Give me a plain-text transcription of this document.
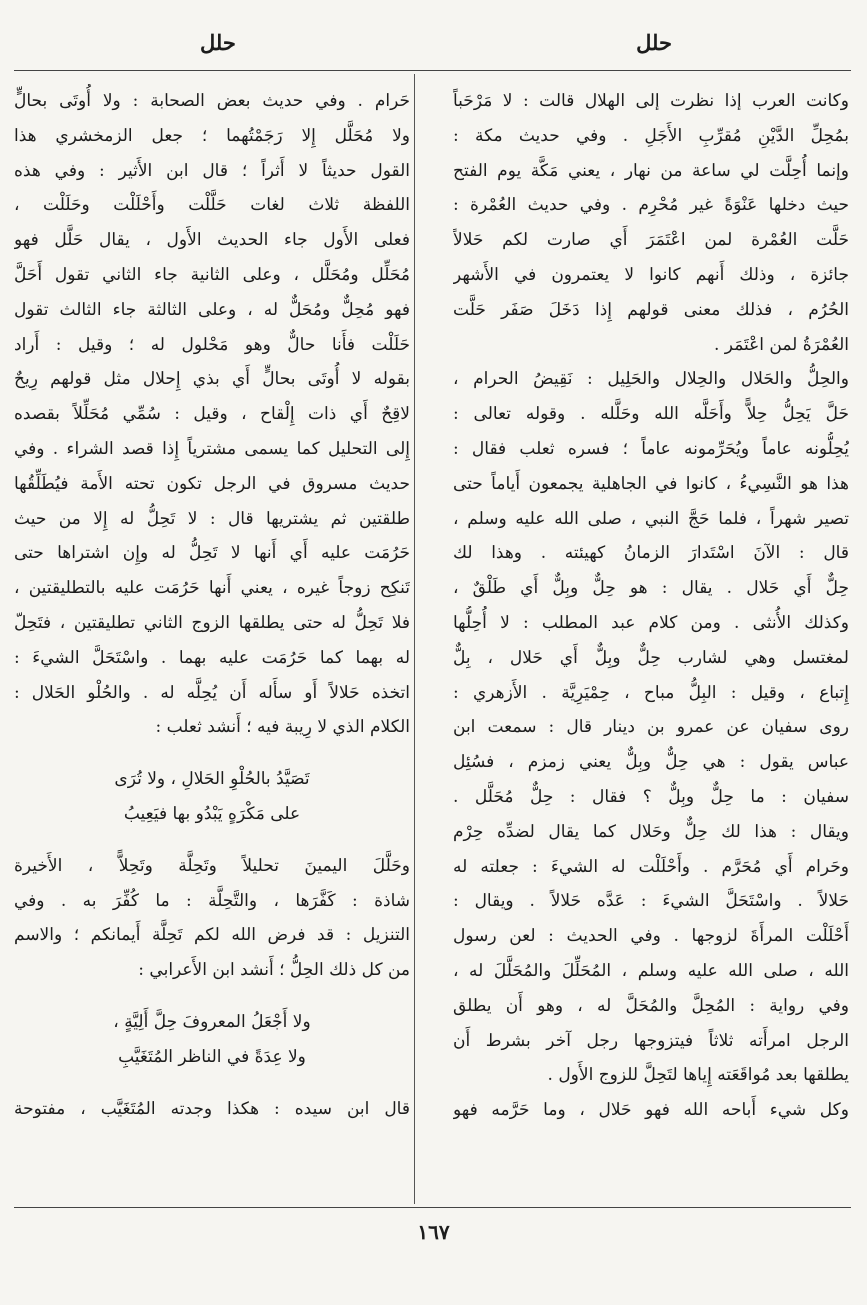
حلل
حلل
وكانت العرب إذا نظرت إلى الهلال قالت : لا مَرْحَباً
بمُحِلِّ الدَّيْنِ مُقرِّبِ الأَجَلِ . وفي حديث مكة :
وإنما أُحِلَّت لي ساعة من نهار ، يعني مَكَّة يوم الفتح
حيث دخلها عَنْوَةً غير مُحْرِم . وفي حديث العُمْرة :
حَلَّت العُمْرة لمن اعْتَمَرَ أَي صارت لكم حَلالاً
جائزة ، وذلك أَنهم كانوا لا يعتمرون في الأَشهر
الحُرُم ، فذلك معنى قولهم إِذا دَخَلَ صَفَر حَلَّت
العُمْرَةُ لمن اعْتَمَر .
والحِلُّ والحَلال والحِلال والحَلِيل : نَقِيضُ الحرام ،
حَلَّ يَحِلُّ حِلاًّ وأَحَلَّه الله وحَلَّله . وقوله تعالى :
يُحِلُّونه عاماً ويُحَرِّمونه عاماً ؛ فسره ثعلب فقال :
هذا هو النَّسِيءُ ، كانوا في الجاهلية يجمعون أَياماً حتى
تصير شهراً ، فلما حَجَّ النبي ، صلى الله عليه وسلم ،
قال : الآنَ اسْتَدارَ الزمانُ كهيئته . وهذا لك
حِلٌّ أَي حَلال . يقال : هو حِلٌّ وبِلٌّ أَي طَلْقٌ ،
وكذلك الأُنثى . ومن كلام عبد المطلب : لا أُحِلُّها
لمغتسل وهي لشارب حِلٌّ وبِلٌّ أَي حَلال ، بِلٌّ
إِتباع ، وقيل : البِلُّ مباح ، حِمْيَرِيَّة . الأَزهري :
روى سفيان عن عمرو بن دينار قال : سمعت ابن
عباس يقول : هي حِلٌّ وبِلٌّ يعني زمزم ، فسُئِل
سفيان : ما حِلٌّ وبِلٌّ ؟ فقال : حِلٌّ مُحَلَّل .
ويقال : هذا لك حِلٌّ وحَلال كما يقال لضدِّه حِرْم
وحَرام أَي مُحَرَّم . وأَحْلَلْت له الشيءَ : جعلته له
حَلالاً . واسْتَحَلَّ الشيءَ : عَدَّه حَلالاً . ويقال :
أَحْلَلْت المرأَةَ لزوجها . وفي الحديث : لعن رسول
الله ، صلى الله عليه وسلم ، المُحَلِّلَ والمُحَلَّلَ له ،
وفي رواية : المُحِلَّ والمُحَلَّ له ، وهو أَن يطلق
الرجل امرأَته ثلاثاً فيتزوجها رجل آخر بشرط أَن
يطلقها بعد مُواقَعَته إِياها لتَحِلَّ للزوج الأَول .
وكل شيء أَباحه الله فهو حَلال ، وما حَرَّمه فهو
حَرام . وفي حديث بعض الصحابة : ولا أُوتَى بحالٍّ
ولا مُحَلَّل إِلا رَجَمْتُهما ؛ جعل الزمخشري هذا
القول حديثاً لا أَثراً ؛ قال ابن الأَثير : وفي هذه
اللفظة ثلاث لغات حَلَّلْت وأَحْلَلْت وحَلَلْت ،
فعلى الأَول جاء الحديث الأَول ، يقال حَلَّل فهو
مُحَلِّل ومُحَلَّل ، وعلى الثانية جاء الثاني تقول أَحَلَّ
فهو مُحِلٌّ ومُحَلٌّ له ، وعلى الثالثة جاء الثالث تقول
حَلَلْت فأَنا حالٌّ وهو مَحْلول له ؛ وقيل : أَراد
بقوله لا أُوتَى بحالٍّ أَي بذي إِحلال مثل قولهم رِيحٌ
لاقِحٌ أَي ذات إِلْقاح ، وقيل : سُمِّي مُحَلِّلاً بقصده
إِلى التحليل كما يسمى مشترياً إِذا قصد الشراء . وفي
حديث مسروق في الرجل تكون تحته الأَمة فيُطَلِّقُها
طلقتين ثم يشتريها قال : لا تَحِلُّ له إِلا من حيث
حَرُمَت عليه أَي أَنها لا تَحِلُّ له وإِن اشتراها حتى
تَنكِح زوجاً غيره ، يعني أَنها حَرُمَت عليه بالتطليقتين ،
فلا تَحِلُّ له حتى يطلقها الزوج الثاني تطليقتين ، فتَحِلّ
له بهما كما حَرُمَت عليه بهما . واسْتَحَلَّ الشيءَ :
اتخذه حَلالاً أَو سأَله أَن يُحِلَّه له . والحُلْو الحَلال :
الكلام الذي لا رِيبة فيه ؛ أَنشد ثعلب :
تَصَيَّدُ بالحُلْوِ الحَلالِ ، ولا تُرَى
على مَكْرَهٍ يَبْدُو بها فيَعِيبُ
وحَلَّلَ اليمينَ تحليلاً وتَحِلَّة وتَحِلاًّ ، الأَخيرة
شاذة : كَفَّرَها ، والتَّحِلَّة : ما كُفِّرَ به . وفي
التنزيل : قد فرض الله لكم تَحِلَّة أَيمانكم ؛ والاسم
من كل ذلك الحِلُّ ؛ أَنشد ابن الأَعرابي :
ولا أَجْعَلُ المعروفَ حِلَّ أَلِيَّةٍ ،
ولا عِدَةً في الناظر المُتَغَيَّبِ
قال ابن سيده : هكذا وجدته المُتَغَيَّب ، مفتوحة
١٦٧
